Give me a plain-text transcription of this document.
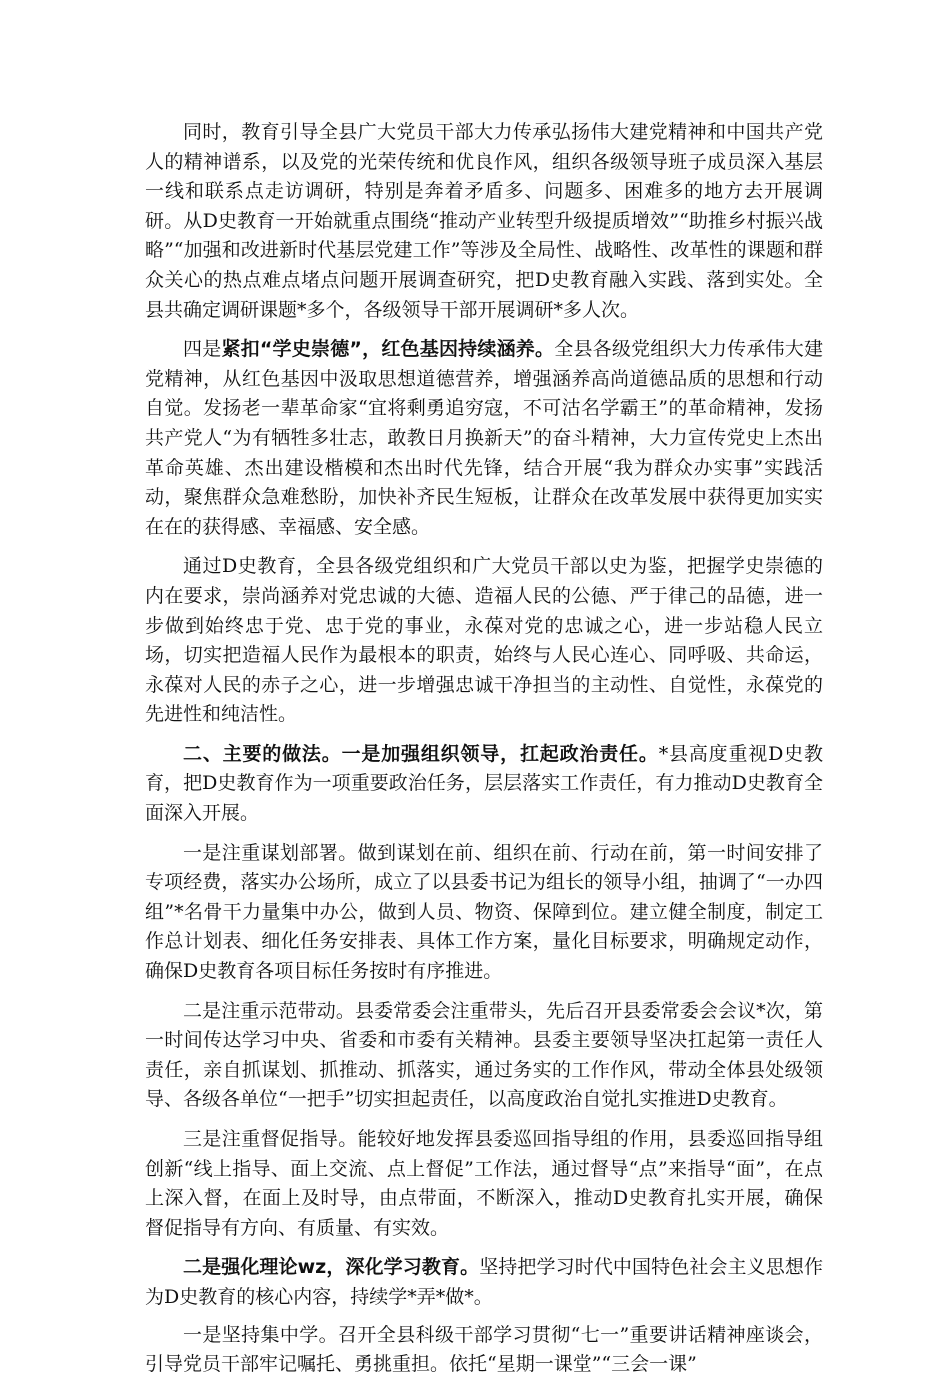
同时，教育引导全县广大党员干部大力传承弘扬伟大建党精神和中国共产党人的精神谱系，以及党的光荣传统和优良作风，组织各级领导班子成员深入基层一线和联系点走访调研，特别是奔着矛盾多、问题多、困难多的地方去开展调研。从D史教育一开始就重点围绕“推动产业转型升级提质增效”“助推乡村振兴战略”“加强和改进新时代基层党建工作”等涉及全局性、战略性、改革性的课题和群众关心的热点难点堵点问题开展调查研究，把D史教育融入实践、落到实处。全县共确定调研课题*多个，各级领导干部开展调研*多人次。

四是紧扣“学史崇德”，红色基因持续涵养。全县各级党组织大力传承伟大建党精神，从红色基因中汲取思想道德营养，增强涵养高尚道德品质的思想和行动自觉。发扬老一辈革命家“宜将剩勇追穷寇，不可沽名学霸王”的革命精神，发扬共产党人“为有牺牲多壮志，敢教日月换新天”的奋斗精神，大力宣传党史上杰出革命英雄、杰出建设楷模和杰出时代先锋，结合开展“我为群众办实事”实践活动，聚焦群众急难愁盼，加快补齐民生短板，让群众在改革发展中获得更加实实在在的获得感、幸福感、安全感。

通过D史教育，全县各级党组织和广大党员干部以史为鉴，把握学史崇德的内在要求，崇尚涵养对党忠诚的大德、造福人民的公德、严于律己的品德，进一步做到始终忠于党、忠于党的事业，永葆对党的忠诚之心，进一步站稳人民立场，切实把造福人民作为最根本的职责，始终与人民心连心、同呼吸、共命运，永葆对人民的赤子之心，进一步增强忠诚干净担当的主动性、自觉性，永葆党的先进性和纯洁性。

二、主要的做法。一是加强组织领导，扛起政治责任。*县高度重视D史教育，把D史教育作为一项重要政治任务，层层落实工作责任，有力推动D史教育全面深入开展。

一是注重谋划部署。做到谋划在前、组织在前、行动在前，第一时间安排了专项经费，落实办公场所，成立了以县委书记为组长的领导小组，抽调了“一办四组”*名骨干力量集中办公，做到人员、物资、保障到位。建立健全制度，制定工作总计划表、细化任务安排表、具体工作方案，量化目标要求，明确规定动作，确保D史教育各项目标任务按时有序推进。

二是注重示范带动。县委常委会注重带头，先后召开县委常委会会议*次，第一时间传达学习中央、省委和市委有关精神。县委主要领导坚决扛起第一责任人责任，亲自抓谋划、抓推动、抓落实，通过务实的工作作风，带动全体县处级领导、各级各单位“一把手”切实担起责任，以高度政治自觉扎实推进D史教育。

三是注重督促指导。能较好地发挥县委巡回指导组的作用，县委巡回指导组创新“线上指导、面上交流、点上督促”工作法，通过督导“点”来指导“面”，在点上深入督，在面上及时导，由点带面，不断深入，推动D史教育扎实开展，确保督促指导有方向、有质量、有实效。

二是强化理论wz，深化学习教育。坚持把学习时代中国特色社会主义思想作为D史教育的核心内容，持续学*弄*做*。

一是坚持集中学。召开全县科级干部学习贯彻“七一”重要讲话精神座谈会，引导党员干部牢记嘱托、勇挑重担。依托“星期一课堂”“三会一课”
